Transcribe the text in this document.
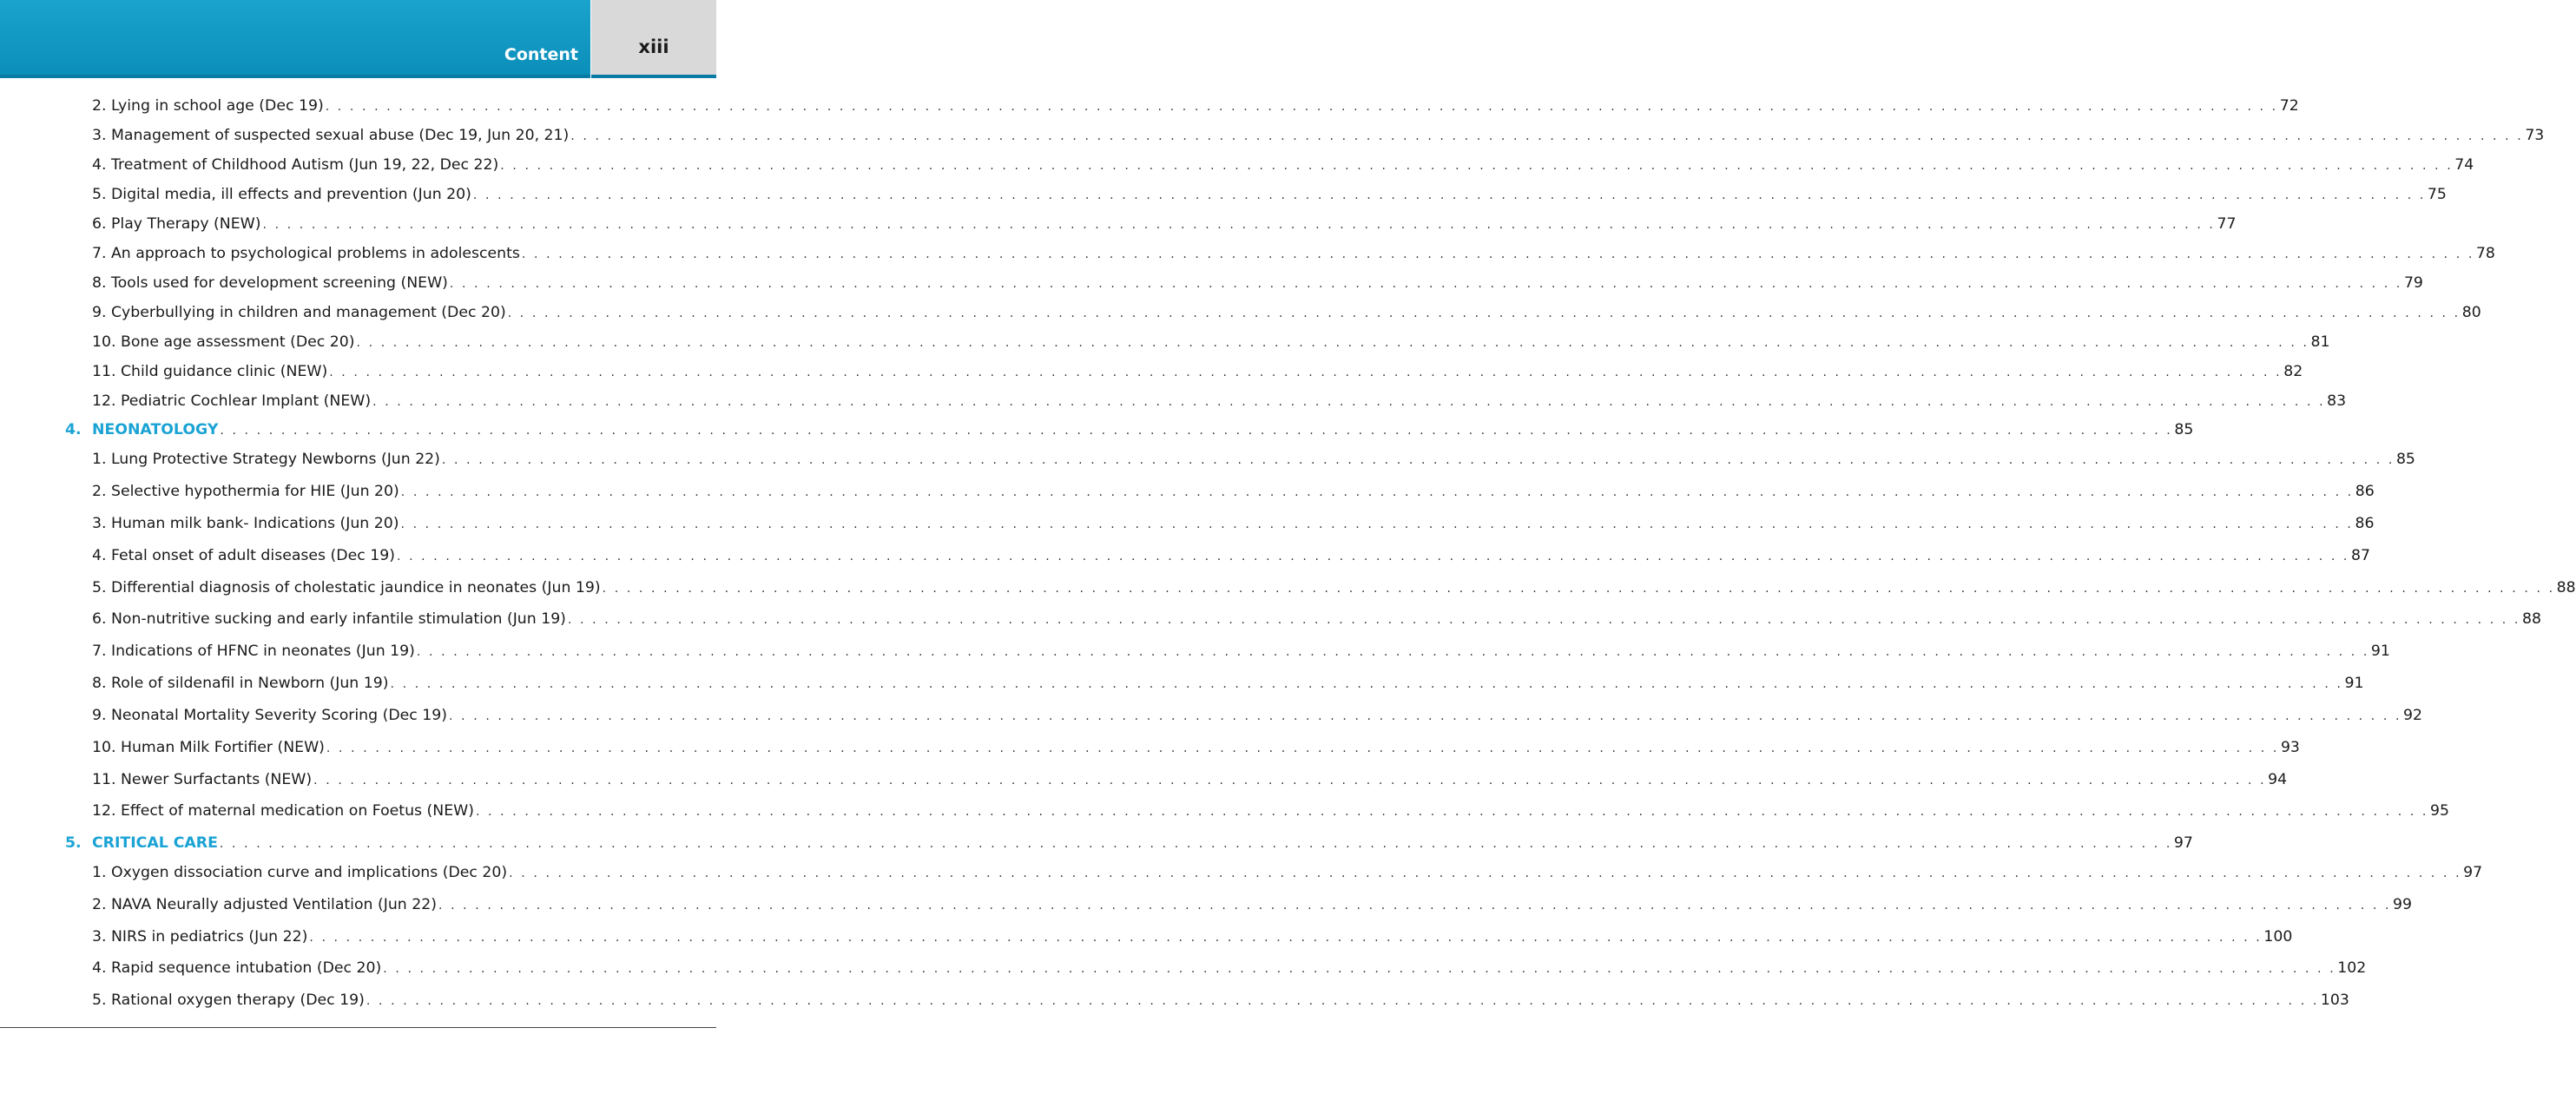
Content	xiii
2. Lying in school age (Dec 19) . . . . . . . . . . . . . . . . . . . . . . . . . . . . . . . . . . . . . . . . . . . . . . . . . . . . . . . . . . . . . . . . . . . . . . . . . . . . . . . . . . . . . . . . . . . . . . . . . . . . . . . . . . . . . . . . . . . . . . . . . . . . . . . . . . . . . . . . . . . . . . . . . . . . . . . . . . . . . . . . 72
3. Management of suspected sexual abuse (Dec 19, Jun 20, 21) . . . . . . . . . . . . . . . . . . . . . . . . . . . . . . . . . . . . . . . . . . . . . . . . . . . . . . . . . . . . . . . . . . . . . . . . . . . . . . . . . . . . . . . . . . . . . . . . . . . . . . . . . . . . . . . . . . . . . . . . . . . . . . . . . . . . . . . . . . . . . . . . . . . . . . . . . . . . . . . . 73
4. Treatment of Childhood Autism (Jun 19, 22, Dec 22) . . . . . . . . . . . . . . . . . . . . . . . . . . . . . . . . . . . . . . . . . . . . . . . . . . . . . . . . . . . . . . . . . . . . . . . . . . . . . . . . . . . . . . . . . . . . . . . . . . . . . . . . . . . . . . . . . . . . . . . . . . . . . . . . . . . . . . . . . . . . . . . . . . . . . . . . . . . . . . . . 74
5. Digital media, ill effects and prevention (Jun 20) . . . . . . . . . . . . . . . . . . . . . . . . . . . . . . . . . . . . . . . . . . . . . . . . . . . . . . . . . . . . . . . . . . . . . . . . . . . . . . . . . . . . . . . . . . . . . . . . . . . . . . . . . . . . . . . . . . . . . . . . . . . . . . . . . . . . . . . . . . . . . . . . . . . . . . . . . . . . . . . . 75
6. Play Therapy (NEW) . . . . . . . . . . . . . . . . . . . . . . . . . . . . . . . . . . . . . . . . . . . . . . . . . . . . . . . . . . . . . . . . . . . . . . . . . . . . . . . . . . . . . . . . . . . . . . . . . . . . . . . . . . . . . . . . . . . . . . . . . . . . . . . . . . . . . . . . . . . . . . . . . . . . . . . . . . . . . . . . 77
7. An approach to psychological problems in adolescents . . . . . . . . . . . . . . . . . . . . . . . . . . . . . . . . . . . . . . . . . . . . . . . . . . . . . . . . . . . . . . . . . . . . . . . . . . . . . . . . . . . . . . . . . . . . . . . . . . . . . . . . . . . . . . . . . . . . . . . . . . . . . . . . . . . . . . . . . . . . . . . . . . . . . . . . . . . . . . . . 78
8. Tools used for development screening (NEW) . . . . . . . . . . . . . . . . . . . . . . . . . . . . . . . . . . . . . . . . . . . . . . . . . . . . . . . . . . . . . . . . . . . . . . . . . . . . . . . . . . . . . . . . . . . . . . . . . . . . . . . . . . . . . . . . . . . . . . . . . . . . . . . . . . . . . . . . . . . . . . . . . . . . . . . . . . . . . . . . 79
9. Cyberbullying in children and management (Dec 20) . . . . . . . . . . . . . . . . . . . . . . . . . . . . . . . . . . . . . . . . . . . . . . . . . . . . . . . . . . . . . . . . . . . . . . . . . . . . . . . . . . . . . . . . . . . . . . . . . . . . . . . . . . . . . . . . . . . . . . . . . . . . . . . . . . . . . . . . . . . . . . . . . . . . . . . . . . . . . . . . 80
10. Bone age assessment (Dec 20) . . . . . . . . . . . . . . . . . . . . . . . . . . . . . . . . . . . . . . . . . . . . . . . . . . . . . . . . . . . . . . . . . . . . . . . . . . . . . . . . . . . . . . . . . . . . . . . . . . . . . . . . . . . . . . . . . . . . . . . . . . . . . . . . . . . . . . . . . . . . . . . . . . . . . . . . . . . . . . . . 81
11. Child guidance clinic (NEW) . . . . . . . . . . . . . . . . . . . . . . . . . . . . . . . . . . . . . . . . . . . . . . . . . . . . . . . . . . . . . . . . . . . . . . . . . . . . . . . . . . . . . . . . . . . . . . . . . . . . . . . . . . . . . . . . . . . . . . . . . . . . . . . . . . . . . . . . . . . . . . . . . . . . . . . . . . . . . . . . 82
12. Pediatric Cochlear Implant (NEW) . . . . . . . . . . . . . . . . . . . . . . . . . . . . . . . . . . . . . . . . . . . . . . . . . . . . . . . . . . . . . . . . . . . . . . . . . . . . . . . . . . . . . . . . . . . . . . . . . . . . . . . . . . . . . . . . . . . . . . . . . . . . . . . . . . . . . . . . . . . . . . . . . . . . . . . . . . . . . . . . 83
4. NEONATOLOGY . . . . . . . . . . . . . . . . . . . . . . . . . . . . . . . . . . . . . . . . . . . . . . . . . . . . . . . . . . . . . . . . . . . . . . . . . . . . . . . . . . . . . . . . . . . . . . . . . . . . . . . . . . . . . . . . . . . . . . . . . . . . . . . . . . . . . . . . . . . . . . . . . . . . . . . . . . . . . . . . 85
1. Lung Protective Strategy Newborns (Jun 22) . . . . . . . . . . . . . . . . . . . . . . . . . . . . . . . . . . . . . . . . . . . . . . . . . . . . . . . . . . . . . . . . . . . . . . . . . . . . . . . . . . . . . . . . . . . . . . . . . . . . . . . . . . . . . . . . . . . . . . . . . . . . . . . . . . . . . . . . . . . . . . . . . . . . . . . . . . . . . . . . 85
2. Selective hypothermia for HIE (Jun 20) . . . . . . . . . . . . . . . . . . . . . . . . . . . . . . . . . . . . . . . . . . . . . . . . . . . . . . . . . . . . . . . . . . . . . . . . . . . . . . . . . . . . . . . . . . . . . . . . . . . . . . . . . . . . . . . . . . . . . . . . . . . . . . . . . . . . . . . . . . . . . . . . . . . . . . . . . . . . . . . . 86
3. Human milk bank- Indications (Jun 20) . . . . . . . . . . . . . . . . . . . . . . . . . . . . . . . . . . . . . . . . . . . . . . . . . . . . . . . . . . . . . . . . . . . . . . . . . . . . . . . . . . . . . . . . . . . . . . . . . . . . . . . . . . . . . . . . . . . . . . . . . . . . . . . . . . . . . . . . . . . . . . . . . . . . . . . . . . . . . . . . 86
4. Fetal onset of adult diseases (Dec 19) . . . . . . . . . . . . . . . . . . . . . . . . . . . . . . . . . . . . . . . . . . . . . . . . . . . . . . . . . . . . . . . . . . . . . . . . . . . . . . . . . . . . . . . . . . . . . . . . . . . . . . . . . . . . . . . . . . . . . . . . . . . . . . . . . . . . . . . . . . . . . . . . . . . . . . . . . . . . . . . . 87
5. Differential diagnosis of cholestatic jaundice in neonates (Jun 19) . . . . . . . . . . . . . . . . . . . . . . . . . . . . . . . . . . . . . . . . . . . . . . . . . . . . . . . . . . . . . . . . . . . . . . . . . . . . . . . . . . . . . . . . . . . . . . . . . . . . . . . . . . . . . . . . . . . . . . . . . . . . . . . . . . . . . . . . . . . . . . . . . . . . . . . . . . . . . . . . 88
6. Non-nutritive sucking and early infantile stimulation (Jun 19) . . . . . . . . . . . . . . . . . . . . . . . . . . . . . . . . . . . . . . . . . . . . . . . . . . . . . . . . . . . . . . . . . . . . . . . . . . . . . . . . . . . . . . . . . . . . . . . . . . . . . . . . . . . . . . . . . . . . . . . . . . . . . . . . . . . . . . . . . . . . . . . . . . . . . . . . . . . . . . . . 88
7. Indications of HFNC in neonates (Jun 19) . . . . . . . . . . . . . . . . . . . . . . . . . . . . . . . . . . . . . . . . . . . . . . . . . . . . . . . . . . . . . . . . . . . . . . . . . . . . . . . . . . . . . . . . . . . . . . . . . . . . . . . . . . . . . . . . . . . . . . . . . . . . . . . . . . . . . . . . . . . . . . . . . . . . . . . . . . . . . . . . 91
8. Role of sildenafil in Newborn (Jun 19) . . . . . . . . . . . . . . . . . . . . . . . . . . . . . . . . . . . . . . . . . . . . . . . . . . . . . . . . . . . . . . . . . . . . . . . . . . . . . . . . . . . . . . . . . . . . . . . . . . . . . . . . . . . . . . . . . . . . . . . . . . . . . . . . . . . . . . . . . . . . . . . . . . . . . . . . . . . . . . . . 91
9. Neonatal Mortality Severity Scoring (Dec 19) . . . . . . . . . . . . . . . . . . . . . . . . . . . . . . . . . . . . . . . . . . . . . . . . . . . . . . . . . . . . . . . . . . . . . . . . . . . . . . . . . . . . . . . . . . . . . . . . . . . . . . . . . . . . . . . . . . . . . . . . . . . . . . . . . . . . . . . . . . . . . . . . . . . . . . . . . . . . . . . . 92
10. Human Milk Fortifier (NEW) . . . . . . . . . . . . . . . . . . . . . . . . . . . . . . . . . . . . . . . . . . . . . . . . . . . . . . . . . . . . . . . . . . . . . . . . . . . . . . . . . . . . . . . . . . . . . . . . . . . . . . . . . . . . . . . . . . . . . . . . . . . . . . . . . . . . . . . . . . . . . . . . . . . . . . . . . . . . . . . . 93
11. Newer Surfactants (NEW) . . . . . . . . . . . . . . . . . . . . . . . . . . . . . . . . . . . . . . . . . . . . . . . . . . . . . . . . . . . . . . . . . . . . . . . . . . . . . . . . . . . . . . . . . . . . . . . . . . . . . . . . . . . . . . . . . . . . . . . . . . . . . . . . . . . . . . . . . . . . . . . . . . . . . . . . . . . . . . . . 94
12. Effect of maternal medication on Foetus (NEW) . . . . . . . . . . . . . . . . . . . . . . . . . . . . . . . . . . . . . . . . . . . . . . . . . . . . . . . . . . . . . . . . . . . . . . . . . . . . . . . . . . . . . . . . . . . . . . . . . . . . . . . . . . . . . . . . . . . . . . . . . . . . . . . . . . . . . . . . . . . . . . . . . . . . . . . . . . . . . . . . 95
5. CRITICAL CARE . . . . . . . . . . . . . . . . . . . . . . . . . . . . . . . . . . . . . . . . . . . . . . . . . . . . . . . . . . . . . . . . . . . . . . . . . . . . . . . . . . . . . . . . . . . . . . . . . . . . . . . . . . . . . . . . . . . . . . . . . . . . . . . . . . . . . . . . . . . . . . . . . . . . . . . . . . . . . . . . 97
1. Oxygen dissociation curve and implications (Dec 20) . . . . . . . . . . . . . . . . . . . . . . . . . . . . . . . . . . . . . . . . . . . . . . . . . . . . . . . . . . . . . . . . . . . . . . . . . . . . . . . . . . . . . . . . . . . . . . . . . . . . . . . . . . . . . . . . . . . . . . . . . . . . . . . . . . . . . . . . . . . . . . . . . . . . . . . . . . . . . . . . 97
2. NAVA Neurally adjusted Ventilation (Jun 22) . . . . . . . . . . . . . . . . . . . . . . . . . . . . . . . . . . . . . . . . . . . . . . . . . . . . . . . . . . . . . . . . . . . . . . . . . . . . . . . . . . . . . . . . . . . . . . . . . . . . . . . . . . . . . . . . . . . . . . . . . . . . . . . . . . . . . . . . . . . . . . . . . . . . . . . . . . . . . . . . 99
3. NIRS in pediatrics (Jun 22) . . . . . . . . . . . . . . . . . . . . . . . . . . . . . . . . . . . . . . . . . . . . . . . . . . . . . . . . . . . . . . . . . . . . . . . . . . . . . . . . . . . . . . . . . . . . . . . . . . . . . . . . . . . . . . . . . . . . . . . . . . . . . . . . . . . . . . . . . . . . . . . . . . . . . . . . . . . . . . . . 100
4. Rapid sequence intubation (Dec 20) . . . . . . . . . . . . . . . . . . . . . . . . . . . . . . . . . . . . . . . . . . . . . . . . . . . . . . . . . . . . . . . . . . . . . . . . . . . . . . . . . . . . . . . . . . . . . . . . . . . . . . . . . . . . . . . . . . . . . . . . . . . . . . . . . . . . . . . . . . . . . . . . . . . . . . . . . . . . . . . . 102
5. Rational oxygen therapy (Dec 19) . . . . . . . . . . . . . . . . . . . . . . . . . . . . . . . . . . . . . . . . . . . . . . . . . . . . . . . . . . . . . . . . . . . . . . . . . . . . . . . . . . . . . . . . . . . . . . . . . . . . . . . . . . . . . . . . . . . . . . . . . . . . . . . . . . . . . . . . . . . . . . . . . . . . . . . . . . . . . . . . 103
